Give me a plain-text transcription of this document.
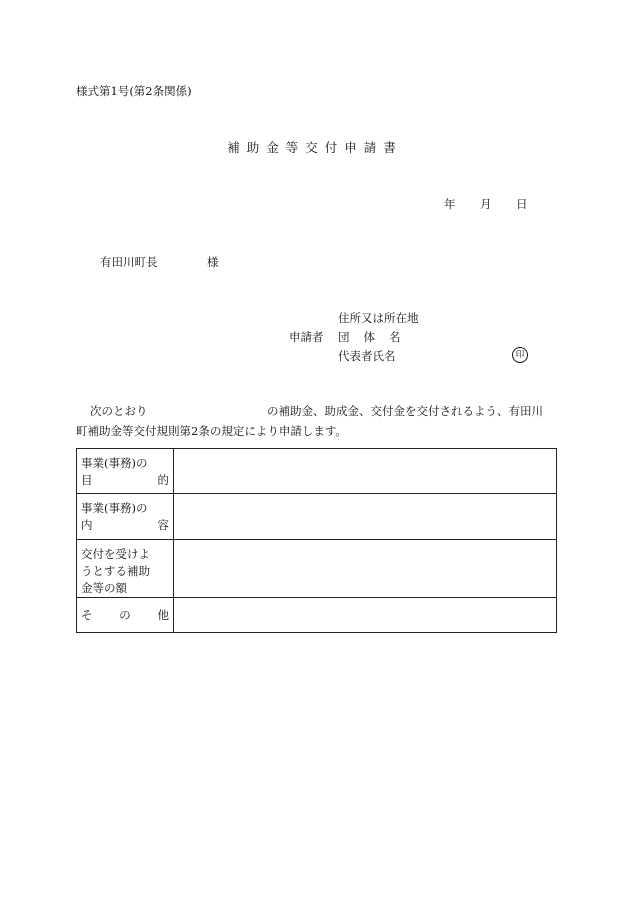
様式第1号(第2条関係)
補助金等交付申請書
年 月 日
有田川町長	様
住所又は所在地
申請者 団 体 名
代表者氏名	印
次のとおり	の補助金、助成金、交付金を交付されるよう、有田川
町補助金等交付規則第2条の規定により申請します。
事業(事務)の
目 的	

事業(事務)の
内 容	

交付を受けよ
うとする補助
金等の額	

そ の 他	
